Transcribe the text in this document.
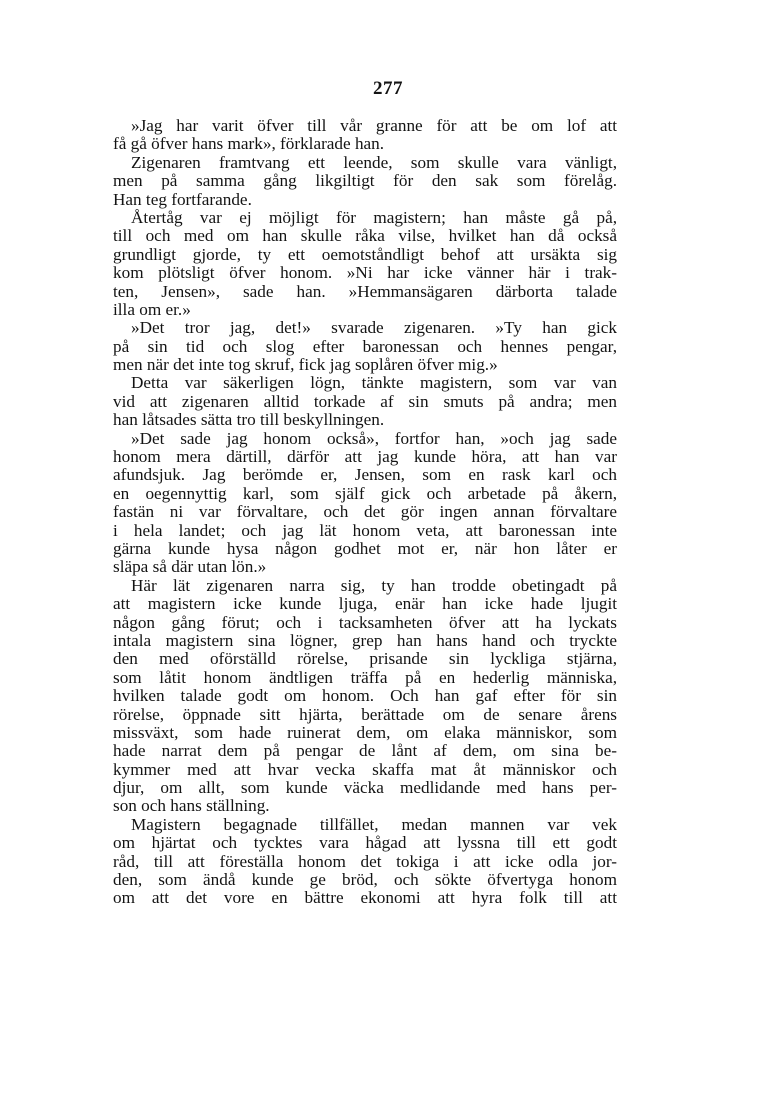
277
»Jag har varit öfver till vår granne för att be om lof att
få gå öfver hans mark», förklarade han.
Zigenaren framtvang ett leende, som skulle vara vänligt,
men på samma gång likgiltigt för den sak som förelåg.
Han teg fortfarande.
Återtåg var ej möjligt för magistern; han måste gå på,
till och med om han skulle råka vilse, hvilket han då också
grundligt gjorde, ty ett oemotståndligt behof att ursäkta sig
kom plötsligt öfver honom. »Ni har icke vänner här i trak-
ten, Jensen», sade han. »Hemmansägaren därborta talade
illa om er.»
»Det tror jag, det!» svarade zigenaren. »Ty han gick
på sin tid och slog efter baronessan och hennes pengar,
men när det inte tog skruf, fick jag soplåren öfver mig.»
Detta var säkerligen lögn, tänkte magistern, som var van
vid att zigenaren alltid torkade af sin smuts på andra; men
han låtsades sätta tro till beskyllningen.
»Det sade jag honom också», fortfor han, »och jag sade
honom mera därtill, därför att jag kunde höra, att han var
afundsjuk. Jag berömde er, Jensen, som en rask karl och
en oegennyttig karl, som själf gick och arbetade på åkern,
fastän ni var förvaltare, och det gör ingen annan förvaltare
i hela landet; och jag lät honom veta, att baronessan inte
gärna kunde hysa någon godhet mot er, när hon låter er
släpa så där utan lön.»
Här lät zigenaren narra sig, ty han trodde obetingadt på
att magistern icke kunde ljuga, enär han icke hade ljugit
någon gång förut; och i tacksamheten öfver att ha lyckats
intala magistern sina lögner, grep han hans hand och tryckte
den med oförställd rörelse, prisande sin lyckliga stjärna,
som låtit honom ändtligen träffa på en hederlig människa,
hvilken talade godt om honom. Och han gaf efter för sin
rörelse, öppnade sitt hjärta, berättade om de senare årens
missväxt, som hade ruinerat dem, om elaka människor, som
hade narrat dem på pengar de lånt af dem, om sina be-
kymmer med att hvar vecka skaffa mat åt människor och
djur, om allt, som kunde väcka medlidande med hans per-
son och hans ställning.
Magistern begagnade tillfället, medan mannen var vek
om hjärtat och tycktes vara hågad att lyssna till ett godt
råd, till att föreställa honom det tokiga i att icke odla jor-
den, som ändå kunde ge bröd, och sökte öfvertyga honom
om att det vore en bättre ekonomi att hyra folk till att
